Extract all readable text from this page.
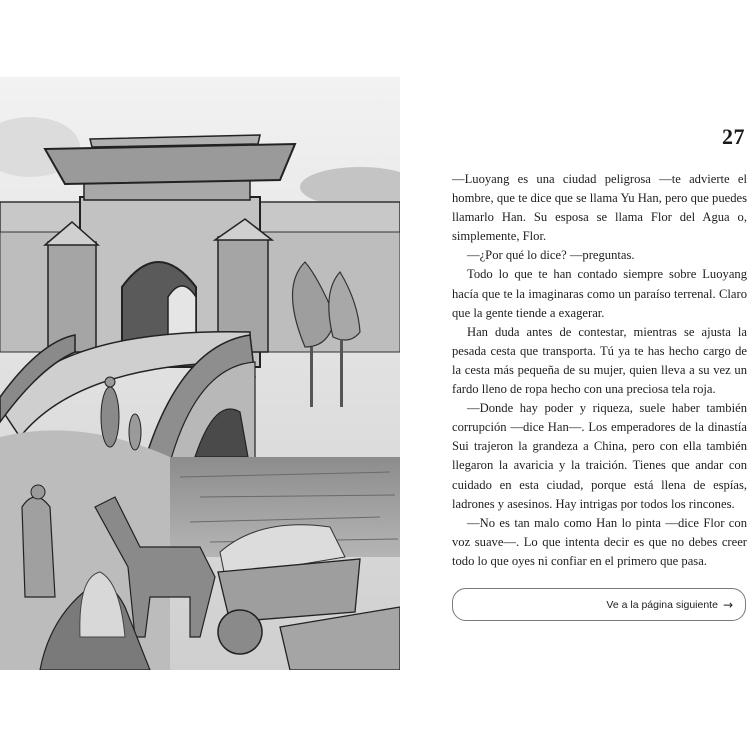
27

—Luoyang es una ciudad peligrosa —te advierte el hombre, que te dice que se llama Yu Han, pero que puedes llamarlo Han. Su esposa se llama Flor del Agua o, simplemente, Flor.

—¿Por qué lo dice? —preguntas.

Todo lo que te han contado siempre sobre Luoyang hacía que te la imaginaras como un paraíso terrenal. Claro que la gente tiende a exagerar.

Han duda antes de contestar, mientras se ajusta la pesada cesta que transporta. Tú ya te has hecho cargo de la cesta más pequeña de su mujer, quien lleva a su vez un fardo lleno de ropa hecho con una preciosa tela roja.

—Donde hay poder y riqueza, suele haber también corrupción —dice Han—. Los emperadores de la dinastía Sui trajeron la grandeza a China, pero con ella también llegaron la avaricia y la traición. Tienes que andar con cuidado en esta ciudad, porque está llena de espías, ladrones y asesinos. Hay intrigas por todos los rincones.

—No es tan malo como Han lo pinta —dice Flor con voz suave—. Lo que intenta decir es que no debes creer todo lo que oyes ni confiar en el primero que pasa.

Ve a la página siguiente →
